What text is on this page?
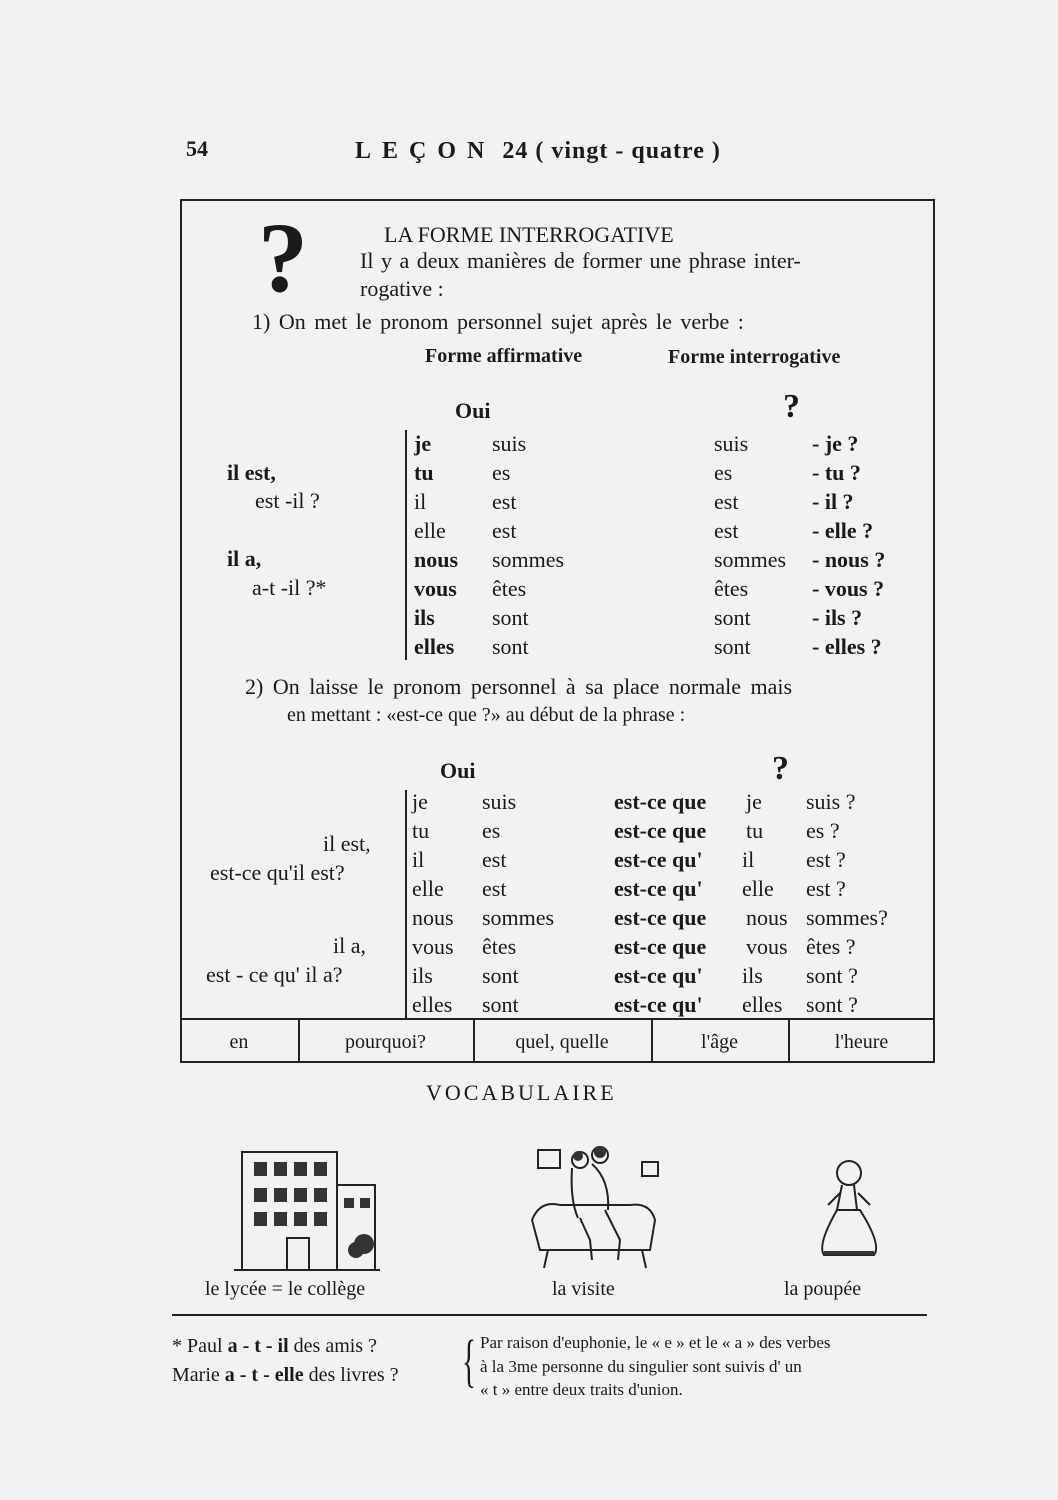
54	LEÇON 24 ( vingt - quatre )
?	LA FORME INTERROGATIVE
Il y a deux manières de former une phrase inter-
rogative :
1) On met le pronom personnel sujet après le verbe :
Forme affirmative	Forme interrogative
Oui	?
il est,
est -il ?
il a,
a-t -il ?*
je	suis	suis	- je ?
tu	es	es	- tu ?
il	est	est	- il ?
elle est	est	- elle ?
nous sommes	sommes - nous ?
vous êtes	êtes	- vous ?
ils	sont	sont	- ils ?
elles sont	sont	- elles ?
2) On laisse le pronom personnel à sa place normale mais
en mettant : «est-ce que ?» au début de la phrase :
Oui	?
il est,
est-ce qu'il est?
il a,
est - ce qu' il a?
je suis	est-ce que je suis ?
tu es	est-ce que tu es ?
il	est	est-ce qu' il est ?
elle est	est-ce qu' elle est ?
nous sommes	est-ce que nous sommes?
vous êtes	est-ce que vous êtes ?
ils sont	est-ce qu' ils sont ?
elles sont	est-ce qu' elles sont ?
en	pourquoi?	quel, quelle	l'âge	l'heure
VOCABULAIRE
le lycée = le collège	la visite	la poupée
* Paul a - t - il des amis ?
Marie a - t - elle des livres ? { Par raison d'euphonie, le « e » et le « a » des verbes
à la 3me personne du singulier sont suivis d' un
« t » entre deux traits d'union.
